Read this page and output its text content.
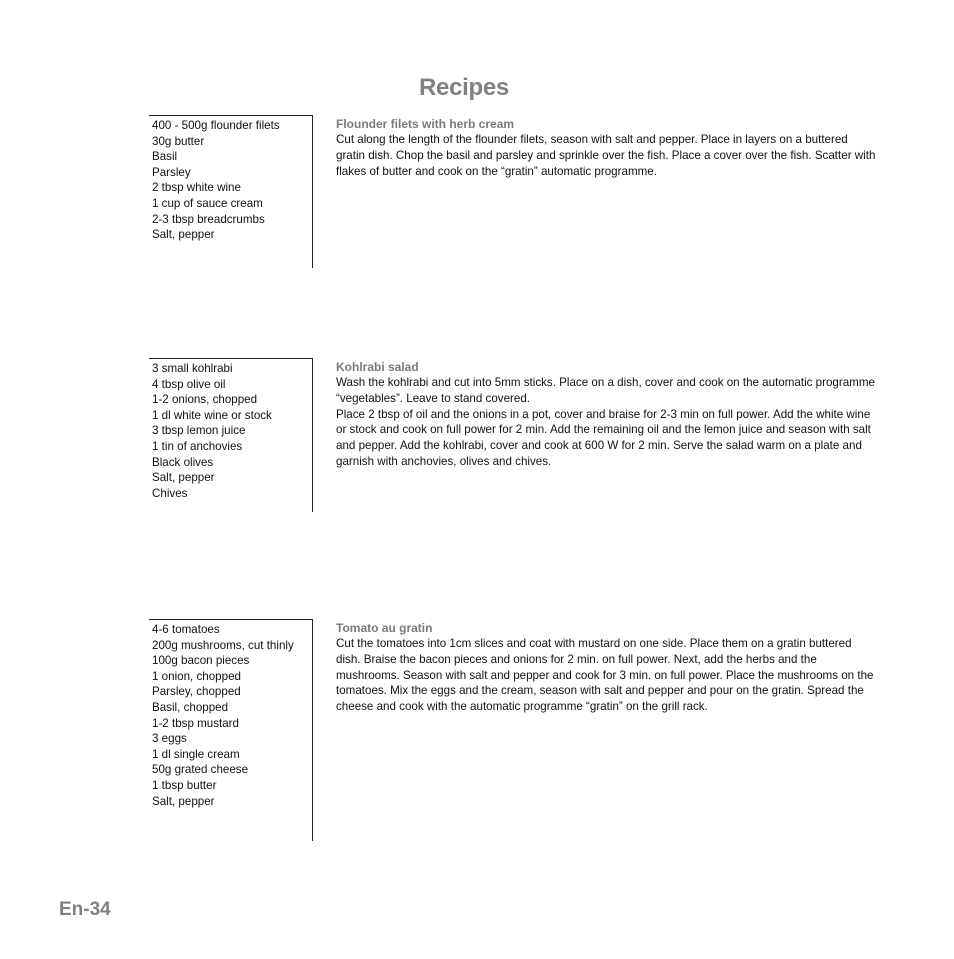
Recipes
400 - 500g flounder filets
30g butter
Basil
Parsley
2 tbsp white wine
1 cup of sauce cream
2-3 tbsp breadcrumbs
Salt, pepper
Flounder filets with herb cream

Cut along the length of the flounder filets, season with salt and pepper. Place in layers on a buttered gratin dish. Chop the basil and parsley and sprinkle over the fish. Place a cover over the fish. Scatter with flakes of butter and cook on the “gratin” automatic programme.

3 small kohlrabi
4 tbsp olive oil
1-2 onions, chopped
1 dl white wine or stock
3 tbsp lemon juice
1 tin of anchovies
Black olives
Salt, pepper
Chives
Kohlrabi salad

Wash the kohlrabi and cut into 5mm sticks. Place on a dish, cover and cook on the automatic programme “vegetables”. Leave to stand covered.

Place 2 tbsp of oil and the onions in a pot, cover and braise for 2-3 min on full power. Add the white wine or stock and cook on full power for 2 min. Add the remaining oil and the lemon juice and season with salt and pepper. Add the kohlrabi, cover and cook at 600 W for 2 min. Serve the salad warm on a plate and garnish with anchovies, olives and chives.

4-6 tomatoes
200g mushrooms, cut thinly
100g bacon pieces
1 onion, chopped
Parsley, chopped
Basil, chopped
1-2 tbsp mustard
3 eggs
1 dl single cream
50g grated cheese
1 tbsp butter
Salt, pepper
Tomato au gratin

Cut the tomatoes into 1cm slices and coat with mustard on one side. Place them on a gratin buttered dish. Braise the bacon pieces and onions for 2 min. on full power. Next, add the herbs and the mushrooms. Season with salt and pepper and cook for 3 min. on full power. Place the mushrooms on the tomatoes. Mix the eggs and the cream, season with salt and pepper and pour on the gratin. Spread the cheese and cook with the automatic programme “gratin” on the grill rack.

En-34
